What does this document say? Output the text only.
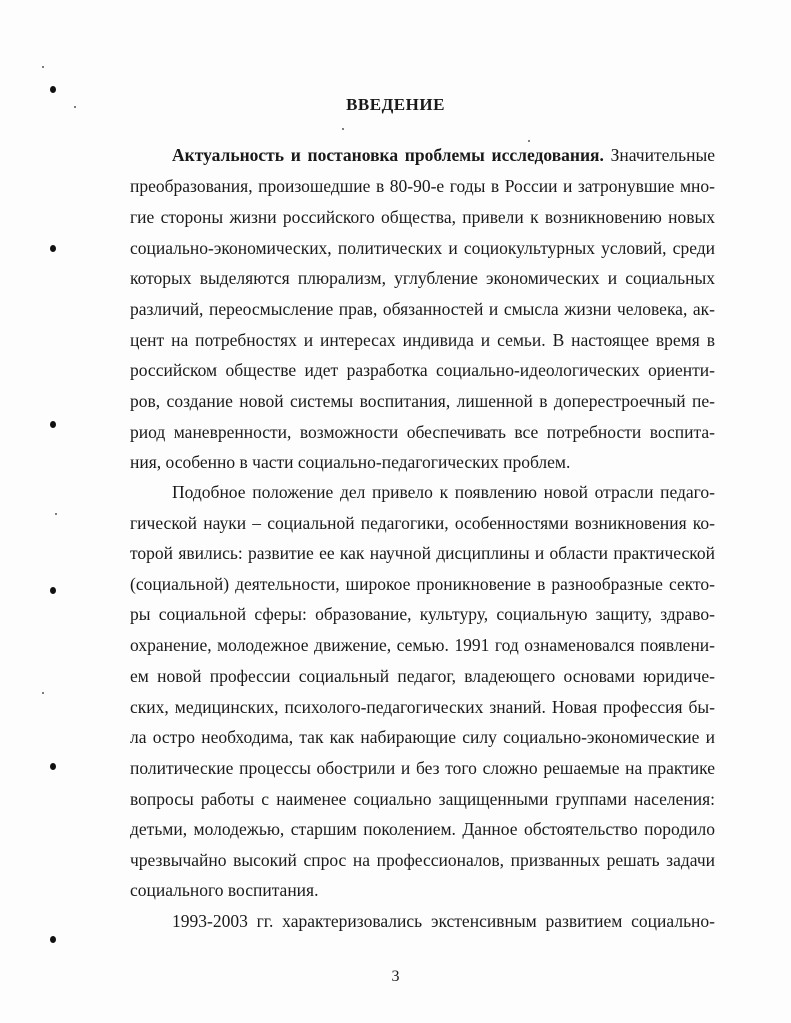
ВВЕДЕНИЕ
Актуальность и постановка проблемы исследования. Значительные
преобразования, произошедшие в 80-90-е годы в России и затронувшие мно-
гие стороны жизни российского общества, привели к возникновению новых
социально-экономических, политических и социокультурных условий, среди
которых выделяются плюрализм, углубление экономических и социальных
различий, переосмысление прав, обязанностей и смысла жизни человека, ак-
цент на потребностях и интересах индивида и семьи. В настоящее время в
российском обществе идет разработка социально-идеологических ориенти-
ров, создание новой системы воспитания, лишенной в доперестроечный пе-
риод маневренности, возможности обеспечивать все потребности воспита-
ния, особенно в части социально-педагогических проблем.
Подобное положение дел привело к появлению новой отрасли педаго-
гической науки – социальной педагогики, особенностями возникновения ко-
торой явились: развитие ее как научной дисциплины и области практической
(социальной) деятельности, широкое проникновение в разнообразные секто-
ры социальной сферы: образование, культуру, социальную защиту, здраво-
охранение, молодежное движение, семью. 1991 год ознаменовался появлени-
ем новой профессии социальный педагог, владеющего основами юридиче-
ских, медицинских, психолого-педагогических знаний. Новая профессия бы-
ла остро необходима, так как набирающие силу социально-экономические и
политические процессы обострили и без того сложно решаемые на практике
вопросы работы с наименее социально защищенными группами населения:
детьми, молодежью, старшим поколением. Данное обстоятельство породило
чрезвычайно высокий спрос на профессионалов, призванных решать задачи
социального воспитания.
1993-2003 гг. характеризовались экстенсивным развитием социально-
3
